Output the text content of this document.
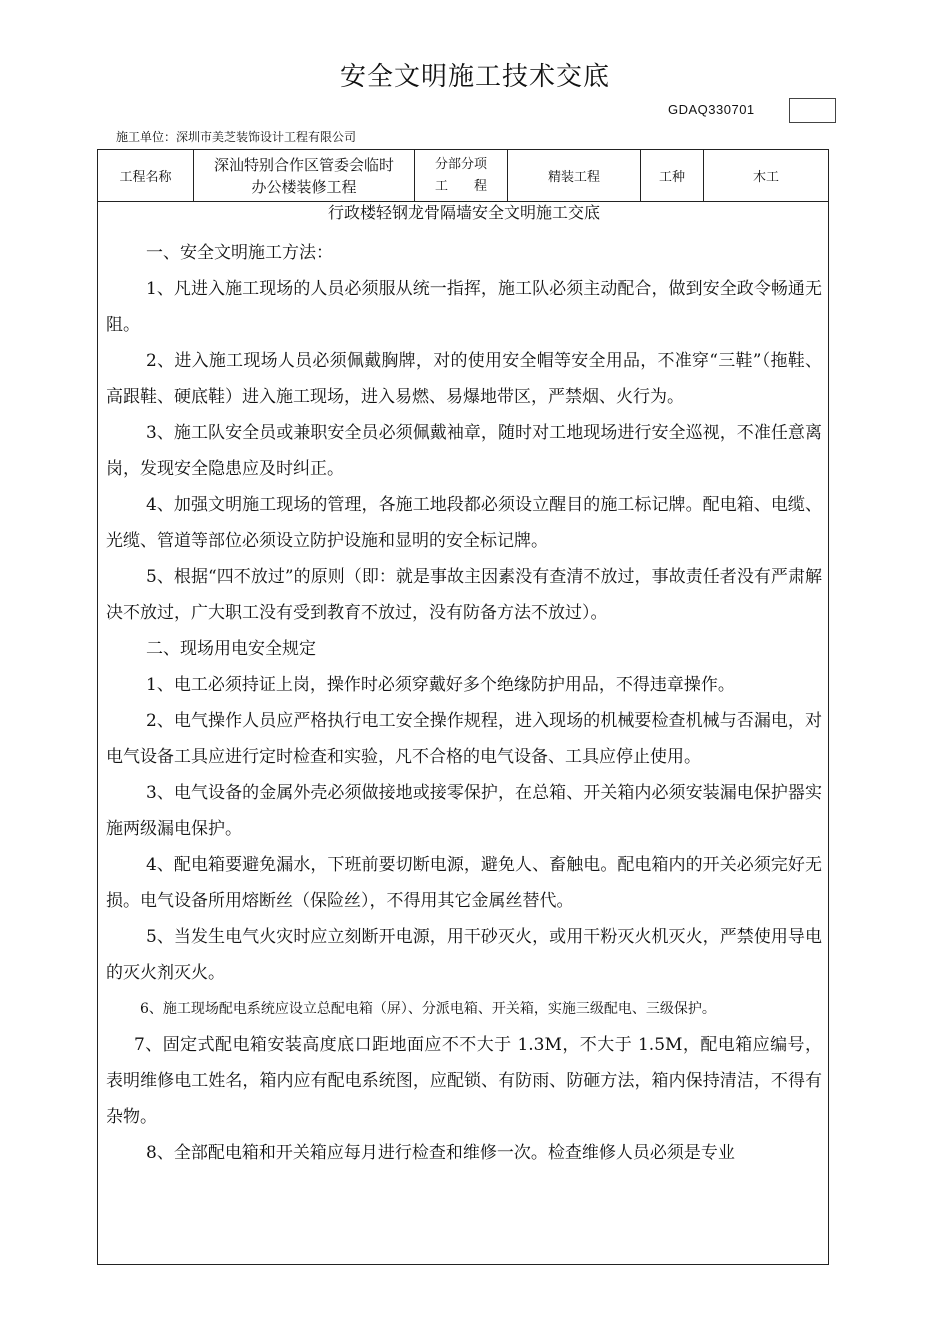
安全文明施工技术交底
GDAQ330701
施工单位：深圳市美芝装饰设计工程有限公司
工程名称
深汕特别合作区管委会临时
办公楼装修工程
分部分项
工　　程
精装工程	工种	木工
行政楼轻钢龙骨隔墙安全文明施工交底

一、安全文明施工方法：

1、凡进入施工现场的人员必须服从统一指挥，施工队必须主动配合，做到安全政令畅通无阻。

2、进入施工现场人员必须佩戴胸牌，对的使用安全帽等安全用品，不准穿“三鞋”（拖鞋、高跟鞋、硬底鞋）进入施工现场，进入易燃、易爆地带区，严禁烟、火行为。

3、施工队安全员或兼职安全员必须佩戴袖章，随时对工地现场进行安全巡视，不准任意离岗，发现安全隐患应及时纠正。

4、加强文明施工现场的管理，各施工地段都必须设立醒目的施工标记牌。配电箱、电缆、光缆、管道等部位必须设立防护设施和显明的安全标记牌。

5、根据“四不放过”的原则（即：就是事故主因素没有查清不放过，事故责任者没有严肃解决不放过，广大职工没有受到教育不放过，没有防备方法不放过）。

二、现场用电安全规定

1、电工必须持证上岗，操作时必须穿戴好多个绝缘防护用品，不得违章操作。

2、电气操作人员应严格执行电工安全操作规程，进入现场的机械要检查机械与否漏电，对电气设备工具应进行定时检查和实验，凡不合格的电气设备、工具应停止使用。

3、电气设备的金属外壳必须做接地或接零保护，在总箱、开关箱内必须安装漏电保护器实施两级漏电保护。

4、配电箱要避免漏水，下班前要切断电源，避免人、畜触电。配电箱内的开关必须完好无损。电气设备所用熔断丝（保险丝），不得用其它金属丝替代。

5、当发生电气火灾时应立刻断开电源，用干砂灭火，或用干粉灭火机灭火，严禁使用导电的灭火剂灭火。

6、施工现场配电系统应设立总配电箱（屏）、分派电箱、开关箱，实施三级配电、三级保护。

7、固定式配电箱安装高度底口距地面应不不大于 1.3M，不大于 1.5M，配电箱应编号，表明维修电工姓名，箱内应有配电系统图，应配锁、有防雨、防砸方法，箱内保持清洁，不得有杂物。

8、全部配电箱和开关箱应每月进行检查和维修一次。检查维修人员必须是专业
